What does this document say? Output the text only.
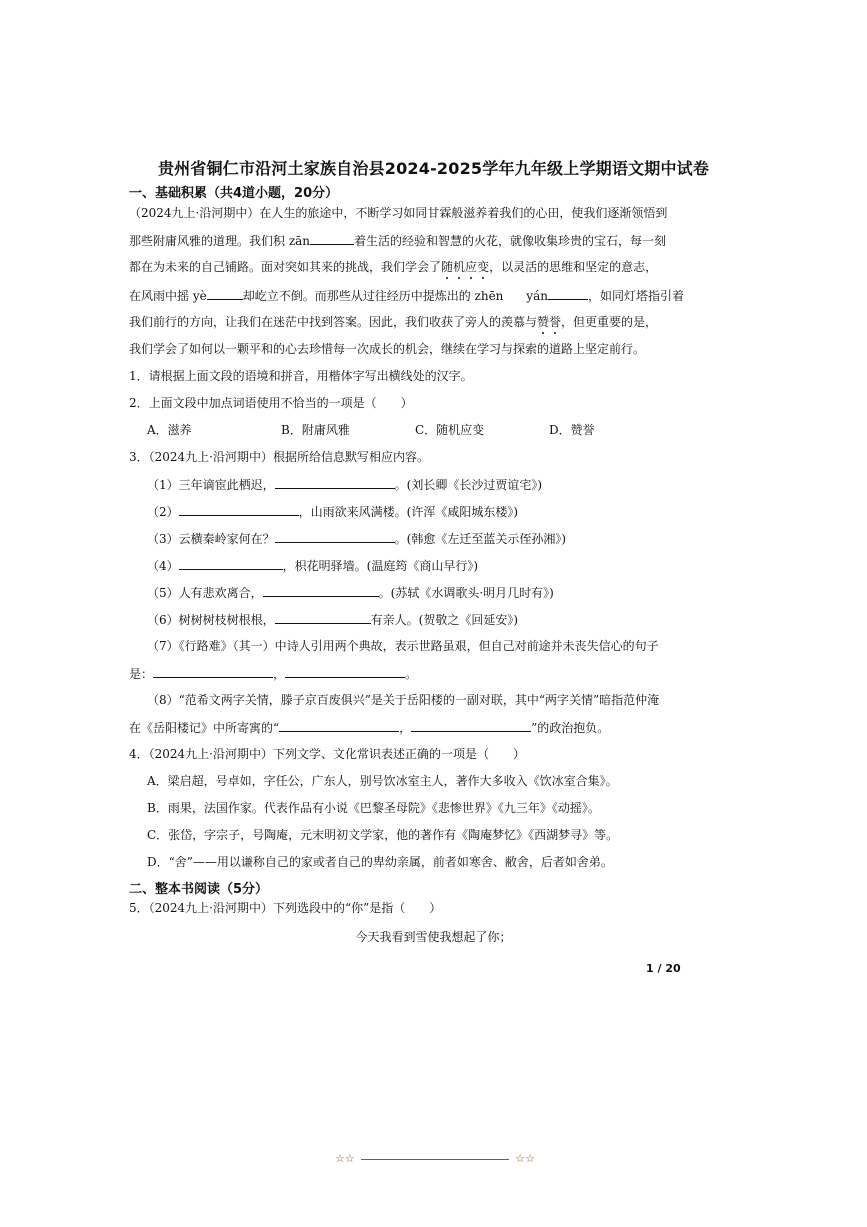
贵州省铜仁市沿河土家族自治县2024-2025学年九年级上学期语文期中试卷
一、基础积累（共4道小题，20分）
（2024九上·沿河期中）在人生的旅途中，不断学习如同甘霖般滋养着我们的心田，使我们逐渐领悟到
那些附庸风雅的道理。我们积 zān	着生活的经验和智慧的火花，就像收集珍贵的宝石，每一刻
都在为未来的自己铺路。面对突如其来的挑战，我们学会了随机应变，以灵活的思维和坚定的意志，
在风雨中摇 yè	却屹立不倒。而那些从过往经历中提炼出的 zhēn yán	，如同灯塔指引着
我们前行的方向，让我们在迷茫中找到答案。因此，我们收获了旁人的羡慕与赞誉，但更重要的是，
我们学会了如何以一颗平和的心去珍惜每一次成长的机会，继续在学习与探索的道路上坚定前行。
1．请根据上面文段的语境和拼音，用楷体字写出横线处的汉字。
2．上面文段中加点词语使用不恰当的一项是（　　）
A．滋养	B．附庸风雅	C．随机应变	D．赞誉
3．（2024九上·沿河期中）根据所给信息默写相应内容。
（1）三年谪宦此栖迟，	。(刘长卿《长沙过贾谊宅》)
（2）	，山雨欲来风满楼。(许浑《咸阳城东楼》)
（3）云横秦岭家何在？	。(韩愈《左迁至蓝关示侄孙湘》)
（4）	，枳花明驿墙。(温庭筠《商山早行》)
（5）人有悲欢离合，	。(苏轼《水调歌头·明月几时有》)
（6）树树树枝树根根，	有亲人。(贺敬之《回延安》)
（7）《行路难》（其一）中诗人引用两个典故，表示世路虽艰，但自己对前途并未丧失信心的句子
是：	，	。
（8）“范希文两字关情，滕子京百废俱兴”是关于岳阳楼的一副对联，其中“两字关情”暗指范仲淹
在《岳阳楼记》中所寄寓的“	，	”的政治抱负。
4．（2024九上·沿河期中）下列文学、文化常识表述正确的一项是（　　）
A．梁启超，号卓如，字任公，广东人，别号饮冰室主人，著作大多收入《饮冰室合集》。
B．雨果，法国作家。代表作品有小说《巴黎圣母院》《悲惨世界》《九三年》《动摇》。
C．张岱，字宗子，号陶庵，元末明初文学家，他的著作有《陶庵梦忆》《西湖梦寻》等。
D．“舍”——用以谦称自己的家或者自己的卑幼亲属，前者如寒舍、敝舍，后者如舍弟。
二、整本书阅读（5分）
5．（2024九上·沿河期中）下列选段中的“你”是指（　　）
今天我看到雪使我想起了你；
1 / 20
☆☆	☆☆
